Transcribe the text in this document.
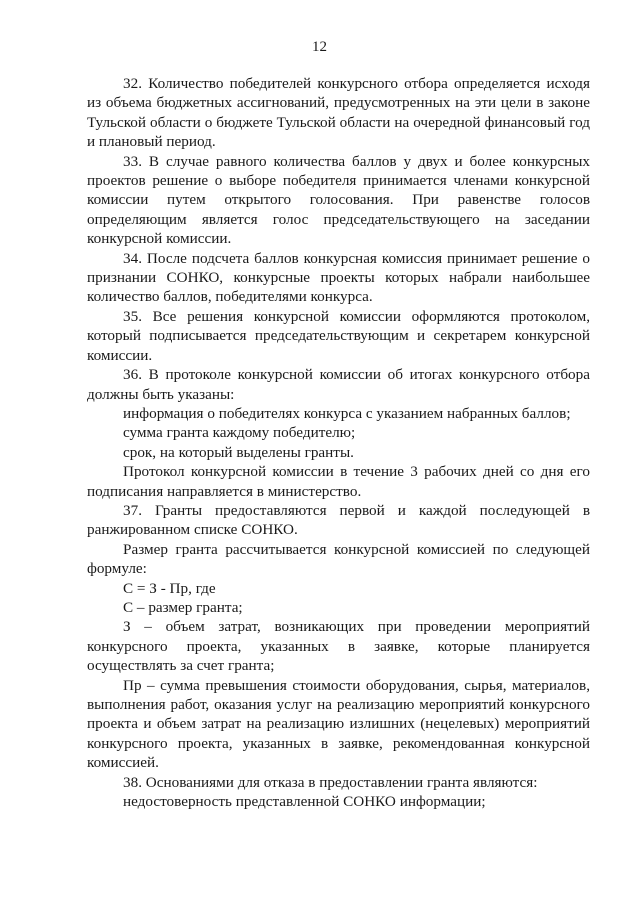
12

32. Количество победителей конкурсного отбора определяется исходя из объема бюджетных ассигнований, предусмотренных на эти цели в законе Тульской области о бюджете Тульской области на очередной финансовый год и плановый период.

33. В случае равного количества баллов у двух и более конкурсных проектов решение о выборе победителя принимается членами конкурсной комиссии путем открытого голосования. При равенстве голосов определяющим является голос председательствующего на заседании конкурсной комиссии.

34. После подсчета баллов конкурсная комиссия принимает решение о признании СОНКО, конкурсные проекты которых набрали наибольшее количество баллов, победителями конкурса.

35. Все решения конкурсной комиссии оформляются протоколом, который подписывается председательствующим и секретарем конкурсной комиссии.

36. В протоколе конкурсной комиссии об итогах конкурсного отбора должны быть указаны:

информация о победителях конкурса с указанием набранных баллов;

сумма гранта каждому победителю;

срок, на который выделены гранты.

Протокол конкурсной комиссии в течение 3 рабочих дней со дня его подписания направляется в министерство.

37. Гранты предоставляются первой и каждой последующей в ранжированном списке СОНКО.

Размер гранта рассчитывается конкурсной комиссией по следующей формуле:

С = З - Пр, где

С – размер гранта;

З – объем затрат, возникающих при проведении мероприятий конкурсного проекта, указанных в заявке, которые планируется осуществлять за счет гранта;

Пр – сумма превышения стоимости оборудования, сырья, материалов, выполнения работ, оказания услуг на реализацию мероприятий конкурсного проекта и объем затрат на реализацию излишних (нецелевых) мероприятий конкурсного проекта, указанных в заявке, рекомендованная конкурсной комиссией.

38. Основаниями для отказа в предоставлении гранта являются:

недостоверность представленной СОНКО информации;
